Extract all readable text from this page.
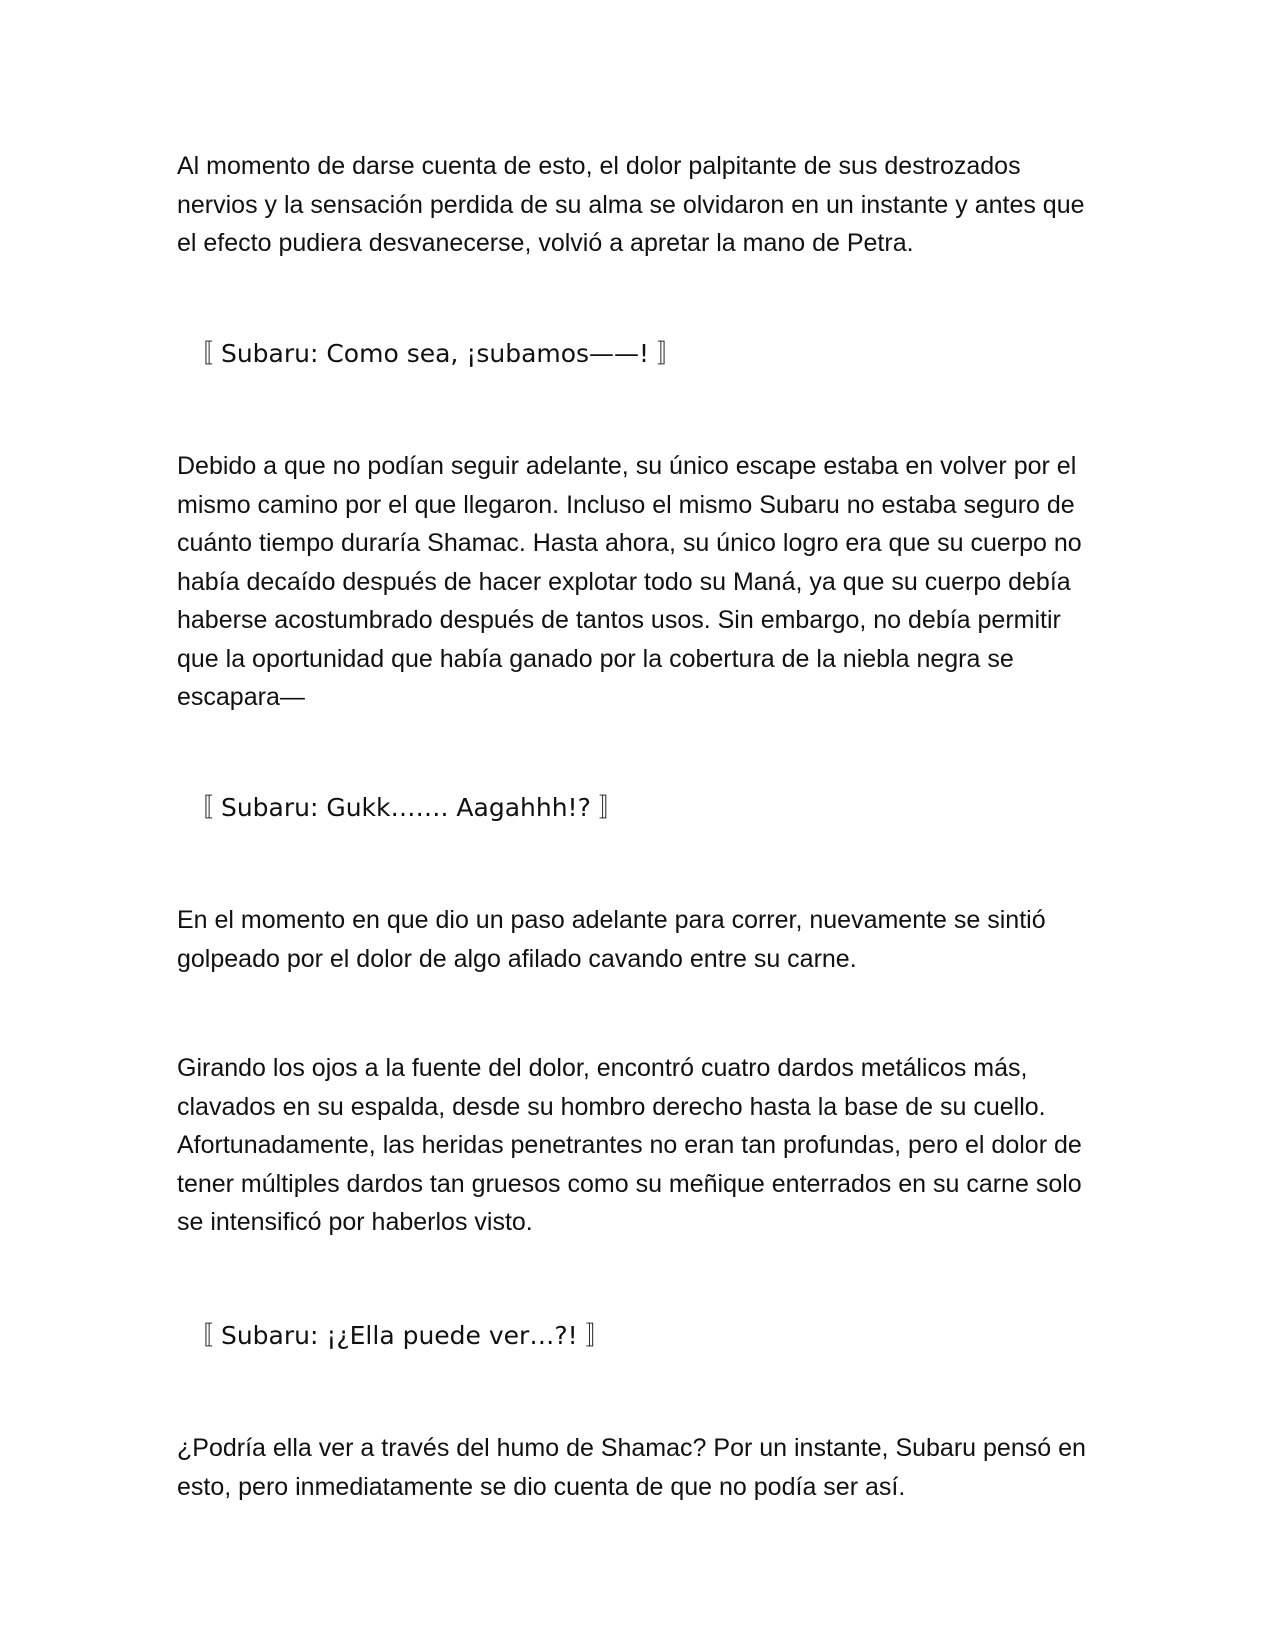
Al momento de darse cuenta de esto, el dolor palpitante de sus destrozados nervios y la sensación perdida de su alma se olvidaron en un instante y antes que el efecto pudiera desvanecerse, volvió a apretar la mano de Petra.

〚 Subaru: Como sea, ¡subamos——! 〛

Debido a que no podían seguir adelante, su único escape estaba en volver por el mismo camino por el que llegaron. Incluso el mismo Subaru no estaba seguro de cuánto tiempo duraría Shamac. Hasta ahora, su único logro era que su cuerpo no había decaído después de hacer explotar todo su Maná, ya que su cuerpo debía haberse acostumbrado después de tantos usos. Sin embargo, no debía permitir que la oportunidad que había ganado por la cobertura de la niebla negra se escapara—

〚 Subaru: Gukk……. Aagahhh!? 〛

En el momento en que dio un paso adelante para correr, nuevamente se sintió golpeado por el dolor de algo afilado cavando entre su carne.

Girando los ojos a la fuente del dolor, encontró cuatro dardos metálicos más, clavados en su espalda, desde su hombro derecho hasta la base de su cuello. Afortunadamente, las heridas penetrantes no eran tan profundas, pero el dolor de tener múltiples dardos tan gruesos como su meñique enterrados en su carne solo se intensificó por haberlos visto.

〚 Subaru: ¡¿Ella puede ver…?! 〛

¿Podría ella ver a través del humo de Shamac? Por un instante, Subaru pensó en esto, pero inmediatamente se dio cuenta de que no podía ser así.
